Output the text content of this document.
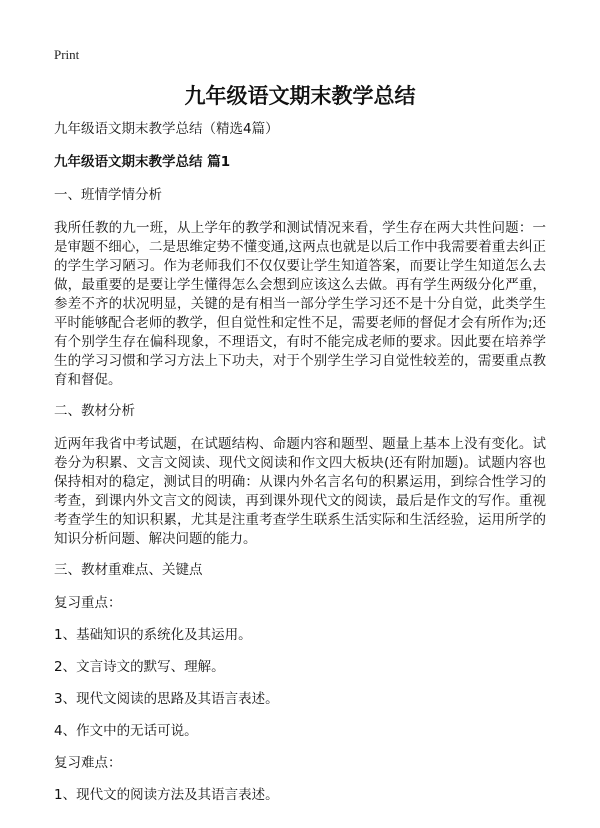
Print
九年级语文期末教学总结

九年级语文期末教学总结（精选4篇）

九年级语文期末教学总结 篇1

一、班情学情分析

我所任教的九一班，从上学年的教学和测试情况来看，学生存在两大共性问题：一是审题不细心，二是思维定势不懂变通,这两点也就是以后工作中我需要着重去纠正的学生学习陋习。作为老师我们不仅仅要让学生知道答案，而要让学生知道怎么去做，最重要的是要让学生懂得怎么会想到应该这么去做。再有学生两级分化严重，参差不齐的状况明显，关键的是有相当一部分学生学习还不是十分自觉，此类学生平时能够配合老师的教学，但自觉性和定性不足，需要老师的督促才会有所作为;还有个别学生存在偏科现象，不理语文，有时不能完成老师的要求。因此要在培养学生的学习习惯和学习方法上下功夫，对于个别学生学习自觉性较差的，需要重点教育和督促。

二、教材分析

近两年我省中考试题，在试题结构、命题内容和题型、题量上基本上没有变化。试卷分为积累、文言文阅读、现代文阅读和作文四大板块(还有附加题)。试题内容也保持相对的稳定，测试目的明确：从课内外名言名句的积累运用，到综合性学习的考查，到课内外文言文的阅读，再到课外现代文的阅读，最后是作文的写作。重视考查学生的知识积累，尤其是注重考查学生联系生活实际和生活经验，运用所学的知识分析问题、解决问题的能力。

三、教材重难点、关键点

复习重点：

1、基础知识的系统化及其运用。

2、文言诗文的默写、理解。

3、现代文阅读的思路及其语言表述。

4、作文中的无话可说。

复习难点：

1、现代文的阅读方法及其语言表述。
